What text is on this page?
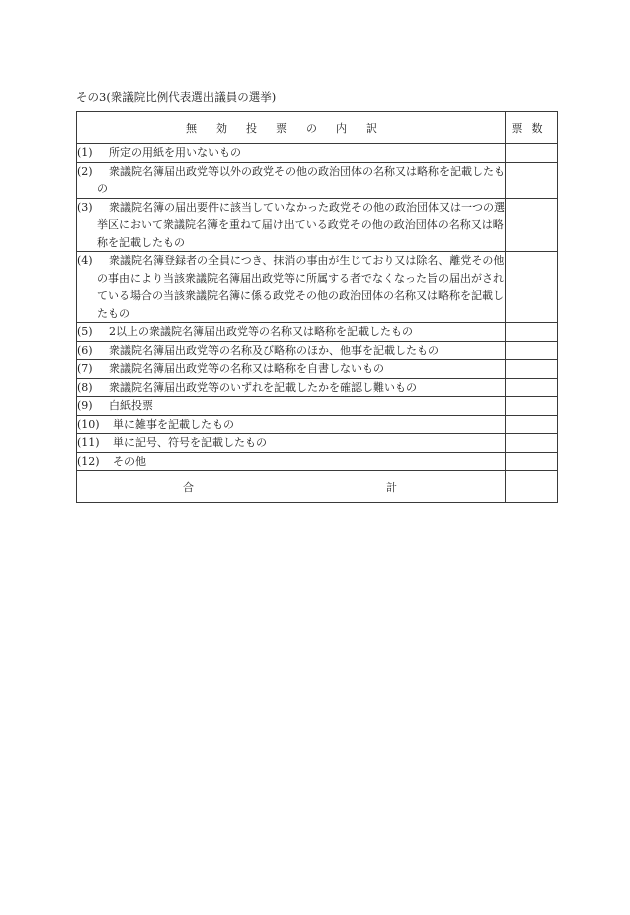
その3(衆議院比例代表選出議員の選挙)
無効投票の内訳	票数

(1) 所定の用紙を用いないもの	

(2) 衆議院名簿届出政党等以外の政党その他の政治団体の名称又は略称を記載したもの	

(3) 衆議院名簿の届出要件に該当していなかった政党その他の政治団体又は一つの選挙区において衆議院名簿を重ねて届け出ている政党その他の政治団体の名称又は略称を記載したもの	

(4) 衆議院名簿登録者の全員につき、抹消の事由が生じており又は除名、離党その他の事由により当該衆議院名簿届出政党等に所属する者でなくなった旨の届出がされている場合の当該衆議院名簿に係る政党その他の政治団体の名称又は略称を記載したもの	

(5) 2以上の衆議院名簿届出政党等の名称又は略称を記載したもの	

(6) 衆議院名簿届出政党等の名称及び略称のほか、他事を記載したもの	

(7) 衆議院名簿届出政党等の名称又は略称を自書しないもの	

(8) 衆議院名簿届出政党等のいずれを記載したかを確認し難いもの	

(9) 白紙投票	

(10) 単に雑事を記載したもの	

(11) 単に記号、符号を記載したもの	

(12) その他	

合 計	
